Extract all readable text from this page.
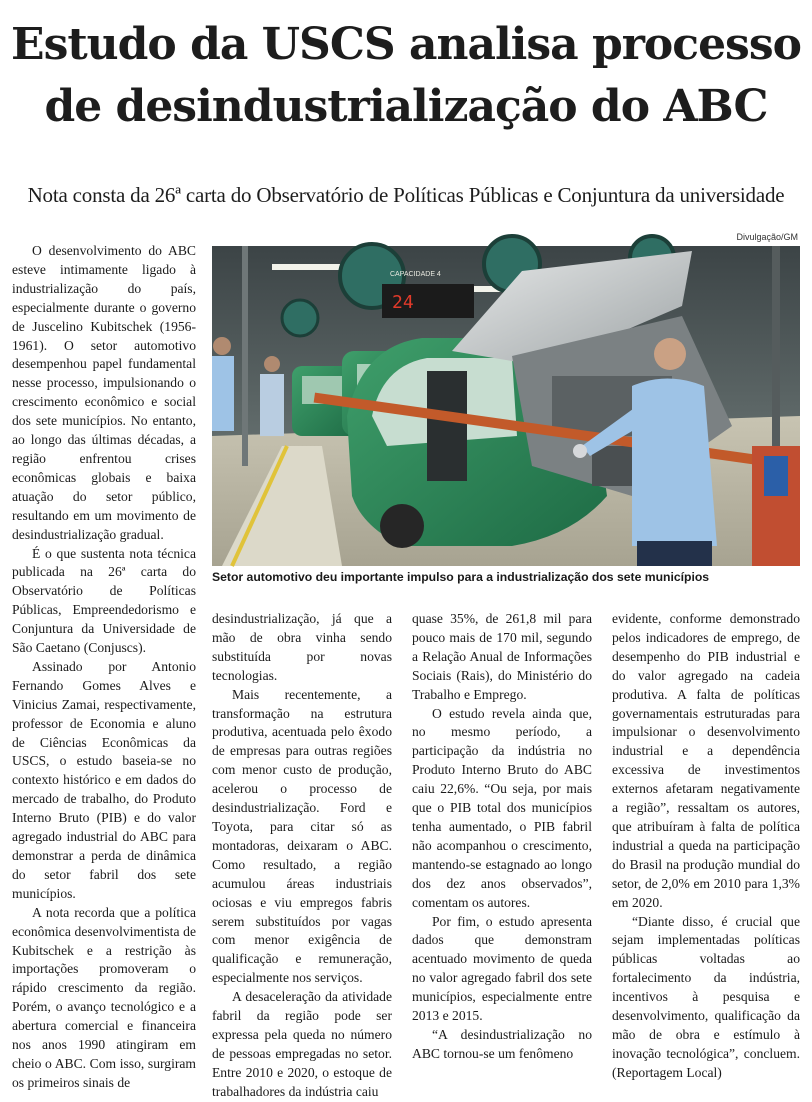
Estudo da USCS analisa processo
de desindustrialização do ABC

Nota consta da 26ª carta do Observatório de Políticas Públicas e Conjuntura da universidade

O desenvolvimento do ABC esteve intimamente ligado à industrialização do país, especialmente durante o governo de Juscelino Kubitschek (1956-1961). O setor automotivo desempenhou papel fundamental nesse processo, impulsionando o crescimento econômico e social dos sete municípios. No entanto, ao longo das últimas décadas, a região enfrentou crises econômicas globais e baixa atuação do setor público, resultando em um movimento de desindustrialização gradual.

É o que sustenta nota técnica publicada na 26ª carta do Observatório de Políticas Públicas, Empreendedorismo e Conjuntura da Universidade de São Caetano (Conjuscs).

Assinado por Antonio Fernando Gomes Alves e Vinicius Zamai, respectivamente, professor de Economia e aluno de Ciências Econômicas da USCS, o estudo baseia-se no contexto histórico e em dados do mercado de trabalho, do Produto Interno Bruto (PIB) e do valor agregado industrial do ABC para demonstrar a perda de dinâmica do setor fabril dos sete municípios.

A nota recorda que a política econômica desenvolvimentista de Kubitschek e a restrição às importações promoveram o rápido crescimento da região. Porém, o avanço tecnológico e a abertura comercial e financeira nos anos 1990 atingiram em cheio o ABC. Com isso, surgiram os primeiros sinais de

Divulgação/GM
24
CAPACIDADE 4

Setor automotivo deu importante impulso para a industrialização dos sete municípios

desindustrialização, já que a mão de obra vinha sendo substituída por novas tecnologias.

Mais recentemente, a transformação na estrutura produtiva, acentuada pelo êxodo de empresas para outras regiões com menor custo de produção, acelerou o processo de desindustrialização. Ford e Toyota, para citar só as montadoras, deixaram o ABC. Como resultado, a região acumulou áreas industriais ociosas e viu empregos fabris serem substituídos por vagas com menor exigência de qualificação e remuneração, especialmente nos serviços.

A desaceleração da atividade fabril da região pode ser expressa pela queda no número de pessoas empregadas no setor. Entre 2010 e 2020, o estoque de trabalhadores da indústria caiu

quase 35%, de 261,8 mil para pouco mais de 170 mil, segundo a Relação Anual de Informações Sociais (Rais), do Ministério do Trabalho e Emprego.

O estudo revela ainda que, no mesmo período, a participação da indústria no Produto Interno Bruto do ABC caiu 22,6%. “Ou seja, por mais que o PIB total dos municípios tenha aumentado, o PIB fabril não acompanhou o crescimento, mantendo-se estagnado ao longo dos dez anos observados”, comentam os autores.

Por fim, o estudo apresenta dados que demonstram acentuado movimento de queda no valor agregado fabril dos sete municípios, especialmente entre 2013 e 2015.

“A desindustrialização no ABC tornou-se um fenômeno

evidente, conforme demonstrado pelos indicadores de emprego, de desempenho do PIB industrial e do valor agregado na cadeia produtiva. A falta de políticas governamentais estruturadas para impulsionar o desenvolvimento industrial e a dependência excessiva de investimentos externos afetaram negativamente a região”, ressaltam os autores, que atribuíram à falta de política industrial a queda na participação do Brasil na produção mundial do setor, de 2,0% em 2010 para 1,3% em 2020.

“Diante disso, é crucial que sejam implementadas políticas públicas voltadas ao fortalecimento da indústria, incentivos à pesquisa e desenvolvimento, qualificação da mão de obra e estímulo à inovação tecnológica”, concluem. (Reportagem Local)
